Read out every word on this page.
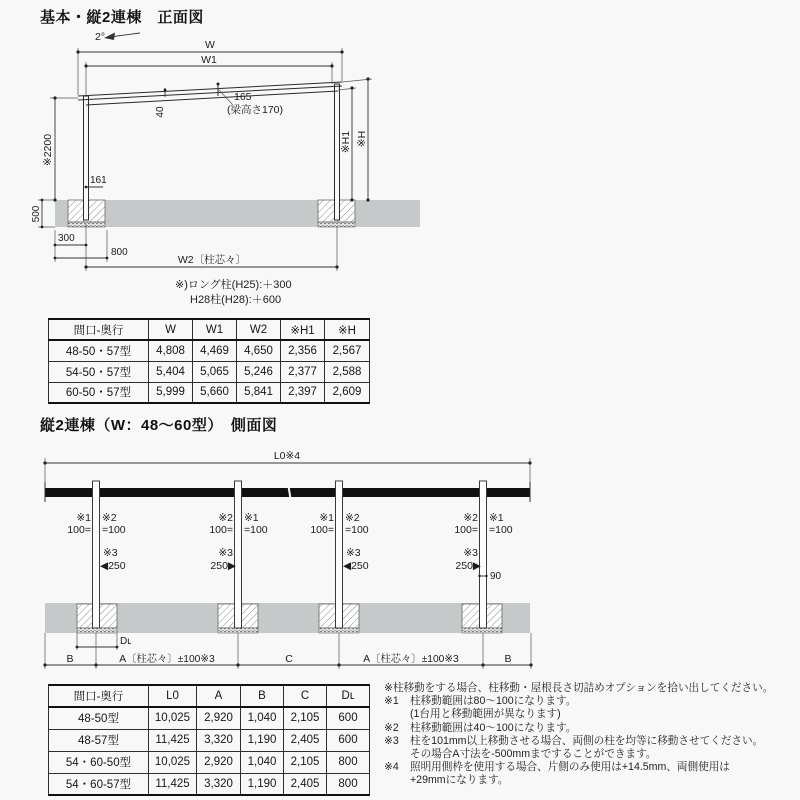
基本・縦2連棟　正面図
2°
W
W1
40
165
(梁高さ170)
※2200	※H1 ※H
161
500
300
800
W2〔柱芯々〕
※)ロング柱(H25):＋300
H28柱(H28):＋600
間口-奥行	W	W1	W2	※H1	※H
48-50・57型	4,808	4,469	4,650	2,356	2,567
54-50・57型	5,404	5,065	5,246	2,377	2,588
60-50・57型	5,999	5,660	5,841	2,397	2,609
縦2連棟（W：48〜60型）　側面図
L0※4
※1
100=
※2
=100
※2
100=
※1
=100
※1
100=
※2
=100
※2
100=
※1
=100
※3
◀250
※3
250▶
※3
◀250
※3
250▶
90
Dʟ
B	A〔柱芯々〕±100※3	C	A〔柱芯々〕±100※3	B
間口-奥行	L0	A	B	C	Dʟ
48-50型	10,025	2,920	1,040	2,105	600
48-57型	11,425	3,320	1,190	2,405	600
54・60-50型	10,025	2,920	1,040	2,105	800
54・60-57型	11,425	3,320	1,190	2,405	800
※柱移動をする場合、柱移動・屋根長さ切詰めオプションを拾い出してください。
※1	柱移動範囲は80〜100になります。
(1台用と移動範囲が異なります)
※2	柱移動範囲は40〜100になります。
※3	柱を101mm以上移動させる場合、両側の柱を均等に移動させてください。
その場合A寸法を-500mmまですることができます。
※4	照明用側枠を使用する場合、片側のみ使用は+14.5mm、両側使用は
+29mmになります。
